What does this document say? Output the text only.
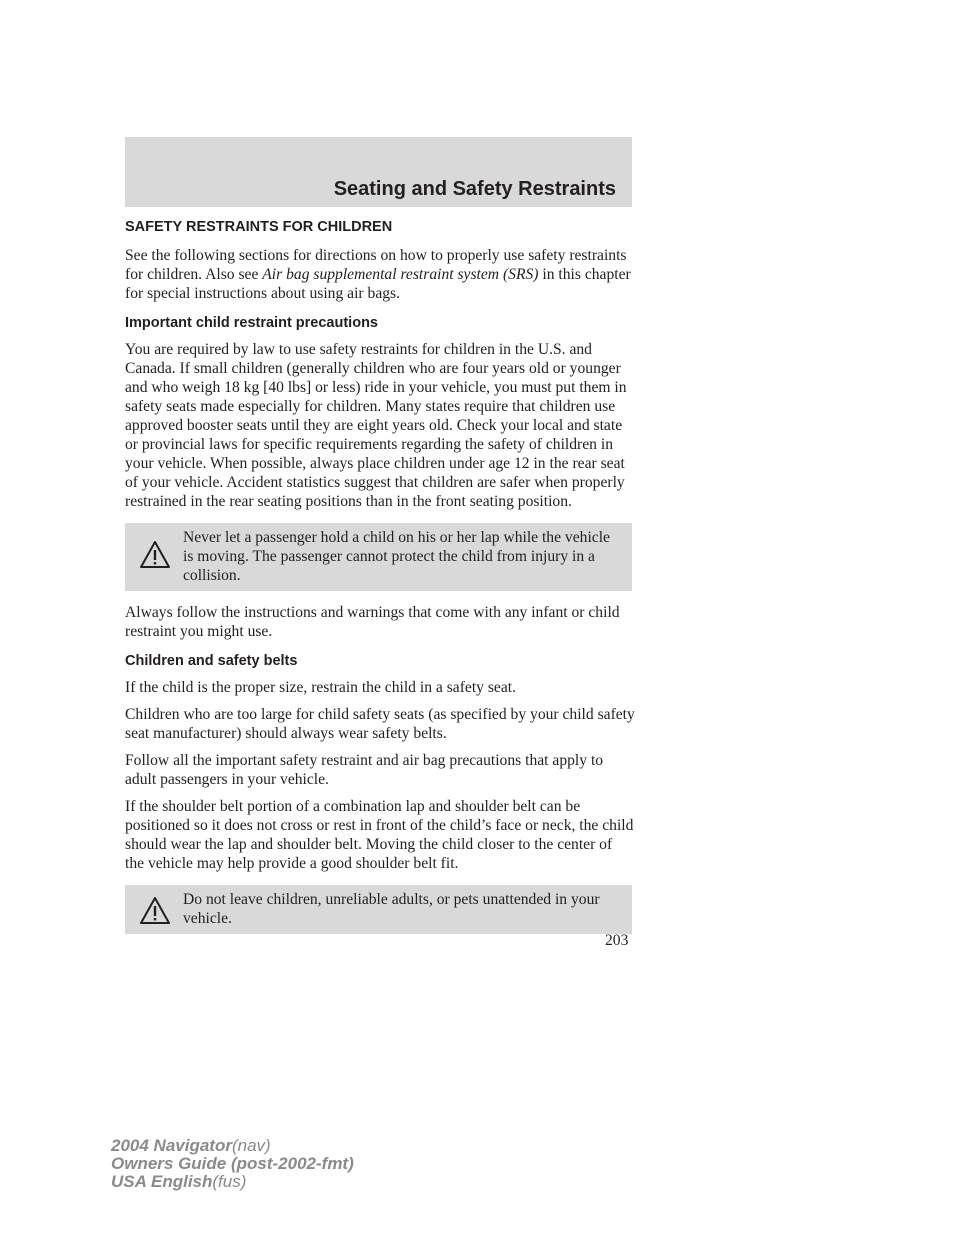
Seating and Safety Restraints
SAFETY RESTRAINTS FOR CHILDREN

See the following sections for directions on how to properly use safety restraints for children. Also see Air bag supplemental restraint system (SRS) in this chapter for special instructions about using air bags.

Important child restraint precautions

You are required by law to use safety restraints for children in the U.S. and Canada. If small children (generally children who are four years old or younger and who weigh 18 kg [40 lbs] or less) ride in your vehicle, you must put them in safety seats made especially for children. Many states require that children use approved booster seats until they are eight years old. Check your local and state or provincial laws for specific requirements regarding the safety of children in your vehicle. When possible, always place children under age 12 in the rear seat of your vehicle. Accident statistics suggest that children are safer when properly restrained in the rear seating positions than in the front seating position.

Never let a passenger hold a child on his or her lap while the vehicle is moving. The passenger cannot protect the child from injury in a collision.

Always follow the instructions and warnings that come with any infant or child restraint you might use.

Children and safety belts

If the child is the proper size, restrain the child in a safety seat.

Children who are too large for child safety seats (as specified by your child safety seat manufacturer) should always wear safety belts.

Follow all the important safety restraint and air bag precautions that apply to adult passengers in your vehicle.

If the shoulder belt portion of a combination lap and shoulder belt can be positioned so it does not cross or rest in front of the child’s face or neck, the child should wear the lap and shoulder belt. Moving the child closer to the center of the vehicle may help provide a good shoulder belt fit.

Do not leave children, unreliable adults, or pets unattended in your vehicle.

203
2004 Navigator(nav)
Owners Guide (post-2002-fmt)
USA English(fus)
